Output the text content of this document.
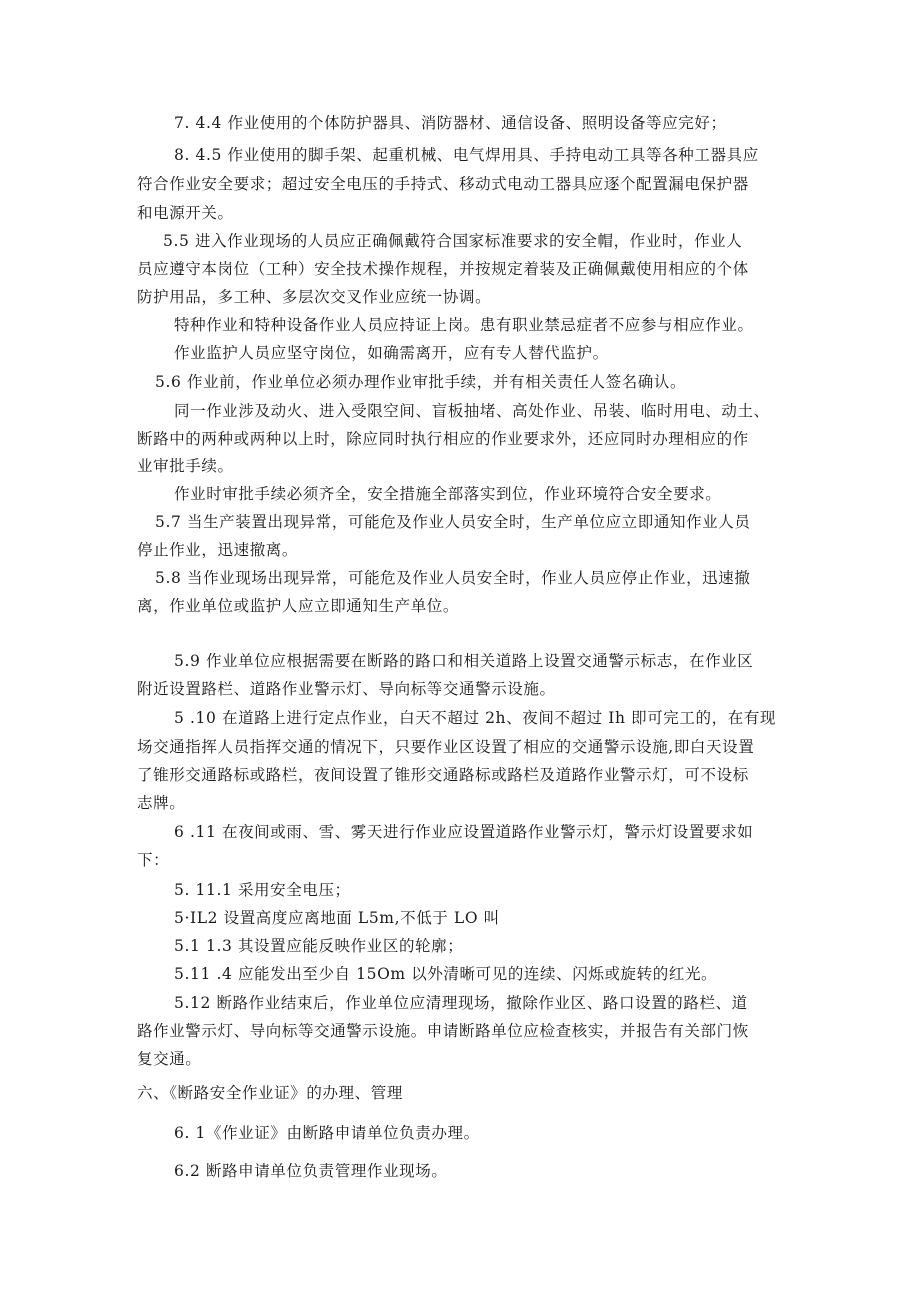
7. 4.4 作业使用的个体防护器具、消防器材、通信设备、照明设备等应完好；
8. 4.5 作业使用的脚手架、起重机械、电气焊用具、手持电动工具等各种工器具应
符合作业安全要求；超过安全电压的手持式、移动式电动工器具应逐个配置漏电保护器
和电源开关。
5.5 进入作业现场的人员应正确佩戴符合国家标准要求的安全帽，作业时，作业人
员应遵守本岗位（工种）安全技术操作规程，并按规定着装及正确佩戴使用相应的个体
防护用品，多工种、多层次交叉作业应统一协调。
特种作业和特种设备作业人员应持证上岗。患有职业禁忌症者不应参与相应作业。
作业监护人员应坚守岗位，如确需离开，应有专人替代监护。
5.6 作业前，作业单位必须办理作业审批手续，并有相关责任人签名确认。
同一作业涉及动火、进入受限空间、盲板抽堵、高处作业、吊装、临时用电、动土、
断路中的两种或两种以上时，除应同时执行相应的作业要求外，还应同时办理相应的作
业审批手续。
作业时审批手续必须齐全，安全措施全部落实到位，作业环境符合安全要求。
5.7 当生产装置出现异常，可能危及作业人员安全时，生产单位应立即通知作业人员
停止作业，迅速撤离。
5.8 当作业现场出现异常，可能危及作业人员安全时，作业人员应停止作业，迅速撤
离，作业单位或监护人应立即通知生产单位。
5.9 作业单位应根据需要在断路的路口和相关道路上设置交通警示标志，在作业区
附近设置路栏、道路作业警示灯、导向标等交通警示设施。
5 .10 在道路上进行定点作业，白天不超过 2h、夜间不超过 Ih 即可完工的，在有现
场交通指挥人员指挥交通的情况下，只要作业区设置了相应的交通警示设施,即白天设置
了锥形交通路标或路栏，夜间设置了锥形交通路标或路栏及道路作业警示灯，可不设标
志牌。
6 .11 在夜间或雨、雪、雾天进行作业应设置道路作业警示灯，警示灯设置要求如
下：
5. 11.1 采用安全电压；
5·IL2 设置高度应离地面 L5m,不低于 LO 叫
5.1 1.3 其设置应能反映作业区的轮廓；
5.11 .4 应能发出至少自 15Om 以外清晰可见的连续、闪烁或旋转的红光。
5.12 断路作业结束后，作业单位应清理现场，撤除作业区、路口设置的路栏、道
路作业警示灯、导向标等交通警示设施。申请断路单位应检查核实，并报告有关部门恢
复交通。
六、《断路安全作业证》的办理、管理
6. 1《作业证》由断路申请单位负责办理。
6.2 断路申请单位负责管理作业现场。
